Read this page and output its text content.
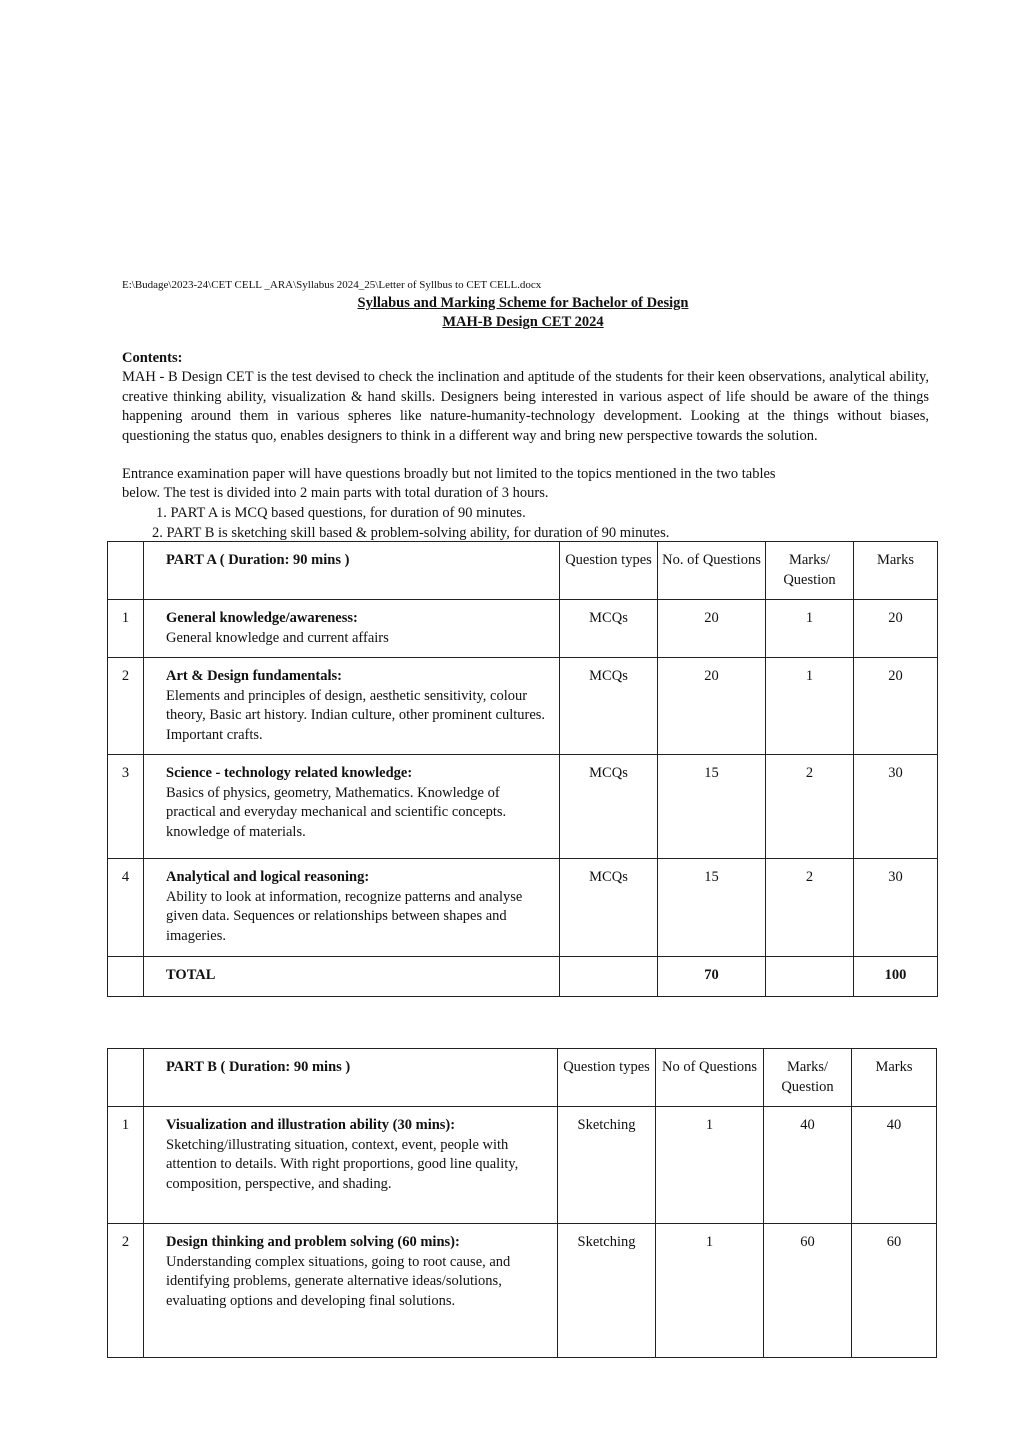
E:\Budage\2023-24\CET CELL _ARA\Syllabus 2024_25\Letter of Syllbus to CET CELL.docx
Syllabus and Marking Scheme for Bachelor of Design
MAH-B Design CET 2024
Contents:

MAH - B Design CET is the test devised to check the inclination and aptitude of the students for their keen observations, analytical ability, creative thinking ability, visualization & hand skills. Designers being interested in various aspect of life should be aware of the things happening around them in various spheres like nature-humanity-technology development. Looking at the things without biases, questioning the status quo, enables designers to think in a different way and bring new perspective towards the solution.

Entrance examination paper will have questions broadly but not limited to the topics mentioned in the two tables

below. The test is divided into 2 main parts with total duration of 3 hours.

1. PART A is MCQ based questions, for duration of 90 minutes.

2. PART B is sketching skill based & problem-solving ability, for duration of 90 minutes.

	PART A ( Duration: 90 mins )	Question types	No. of Questions	Marks/ Question	Marks
1	General knowledge/awareness:
General knowledge and current affairs	MCQs	20	1	20
2	Art & Design fundamentals:
Elements and principles of design, aesthetic sensitivity, colour theory, Basic art history. Indian culture, other prominent cultures. Important crafts.	MCQs	20	1	20
3	Science - technology related knowledge:
Basics of physics, geometry, Mathematics. Knowledge of practical and everyday mechanical and scientific concepts. knowledge of materials.	MCQs	15	2	30
4	Analytical and logical reasoning:
Ability to look at information, recognize patterns and analyse given data. Sequences or relationships between shapes and imageries.	MCQs	15	2	30
	TOTAL		70		100
	PART B ( Duration: 90 mins )	Question types	No of Questions	Marks/ Question	Marks
1	Visualization and illustration ability (30 mins):
Sketching/illustrating situation, context, event, people with attention to details. With right proportions, good line quality, composition, perspective, and shading.	Sketching	1	40	40
2	Design thinking and problem solving (60 mins):
Understanding complex situations, going to root cause, and identifying problems, generate alternative ideas/solutions, evaluating options and developing final solutions.	Sketching	1	60	60
